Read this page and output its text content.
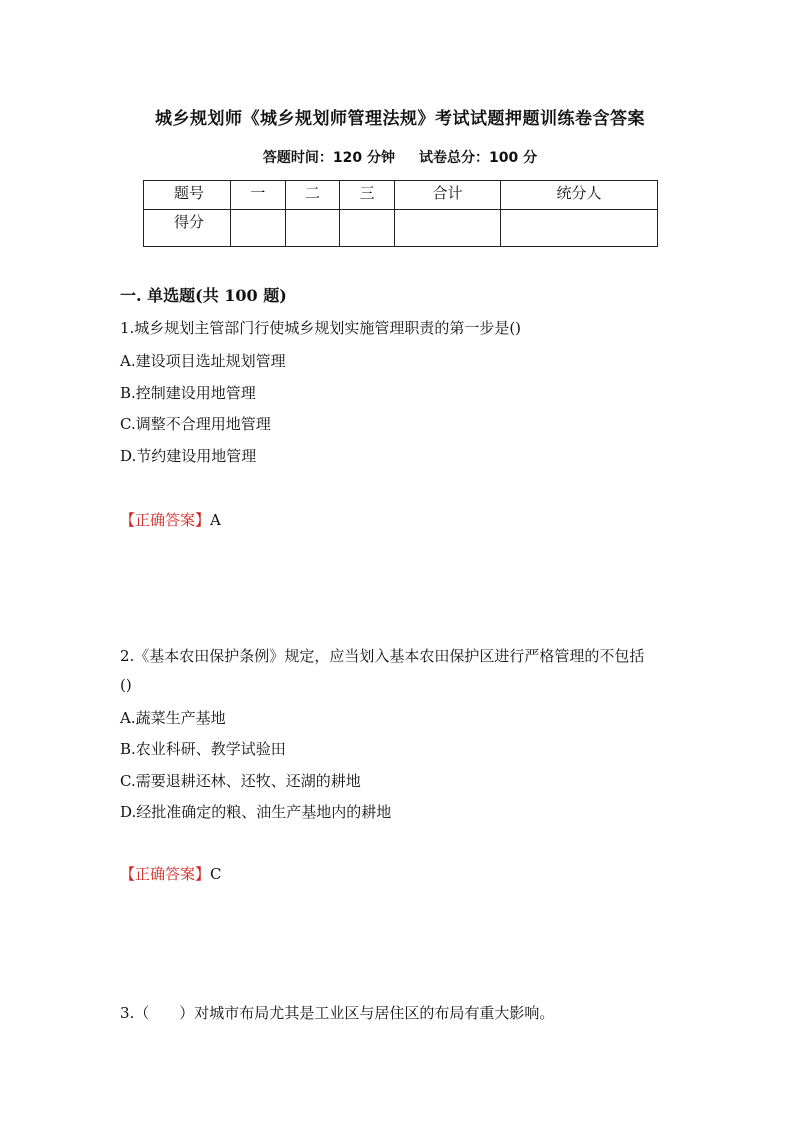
城乡规划师《城乡规划师管理法规》考试试题押题训练卷含答案
答题时间：120 分钟 试卷总分：100 分
题号	一	二	三	合计	统分人
得分					
一. 单选题(共 100 题)
1.城乡规划主管部门行使城乡规划实施管理职责的第一步是()
A.建设项目选址规划管理
B.控制建设用地管理
C.调整不合理用地管理
D.节约建设用地管理
【正确答案】A
2.《基本农田保护条例》规定，应当划入基本农田保护区进行严格管理的不包括
()
A.蔬菜生产基地
B.农业科研、教学试验田
C.需要退耕还林、还牧、还湖的耕地
D.经批准确定的粮、油生产基地内的耕地
【正确答案】C
3.（　　）对城市布局尤其是工业区与居住区的布局有重大影响。
